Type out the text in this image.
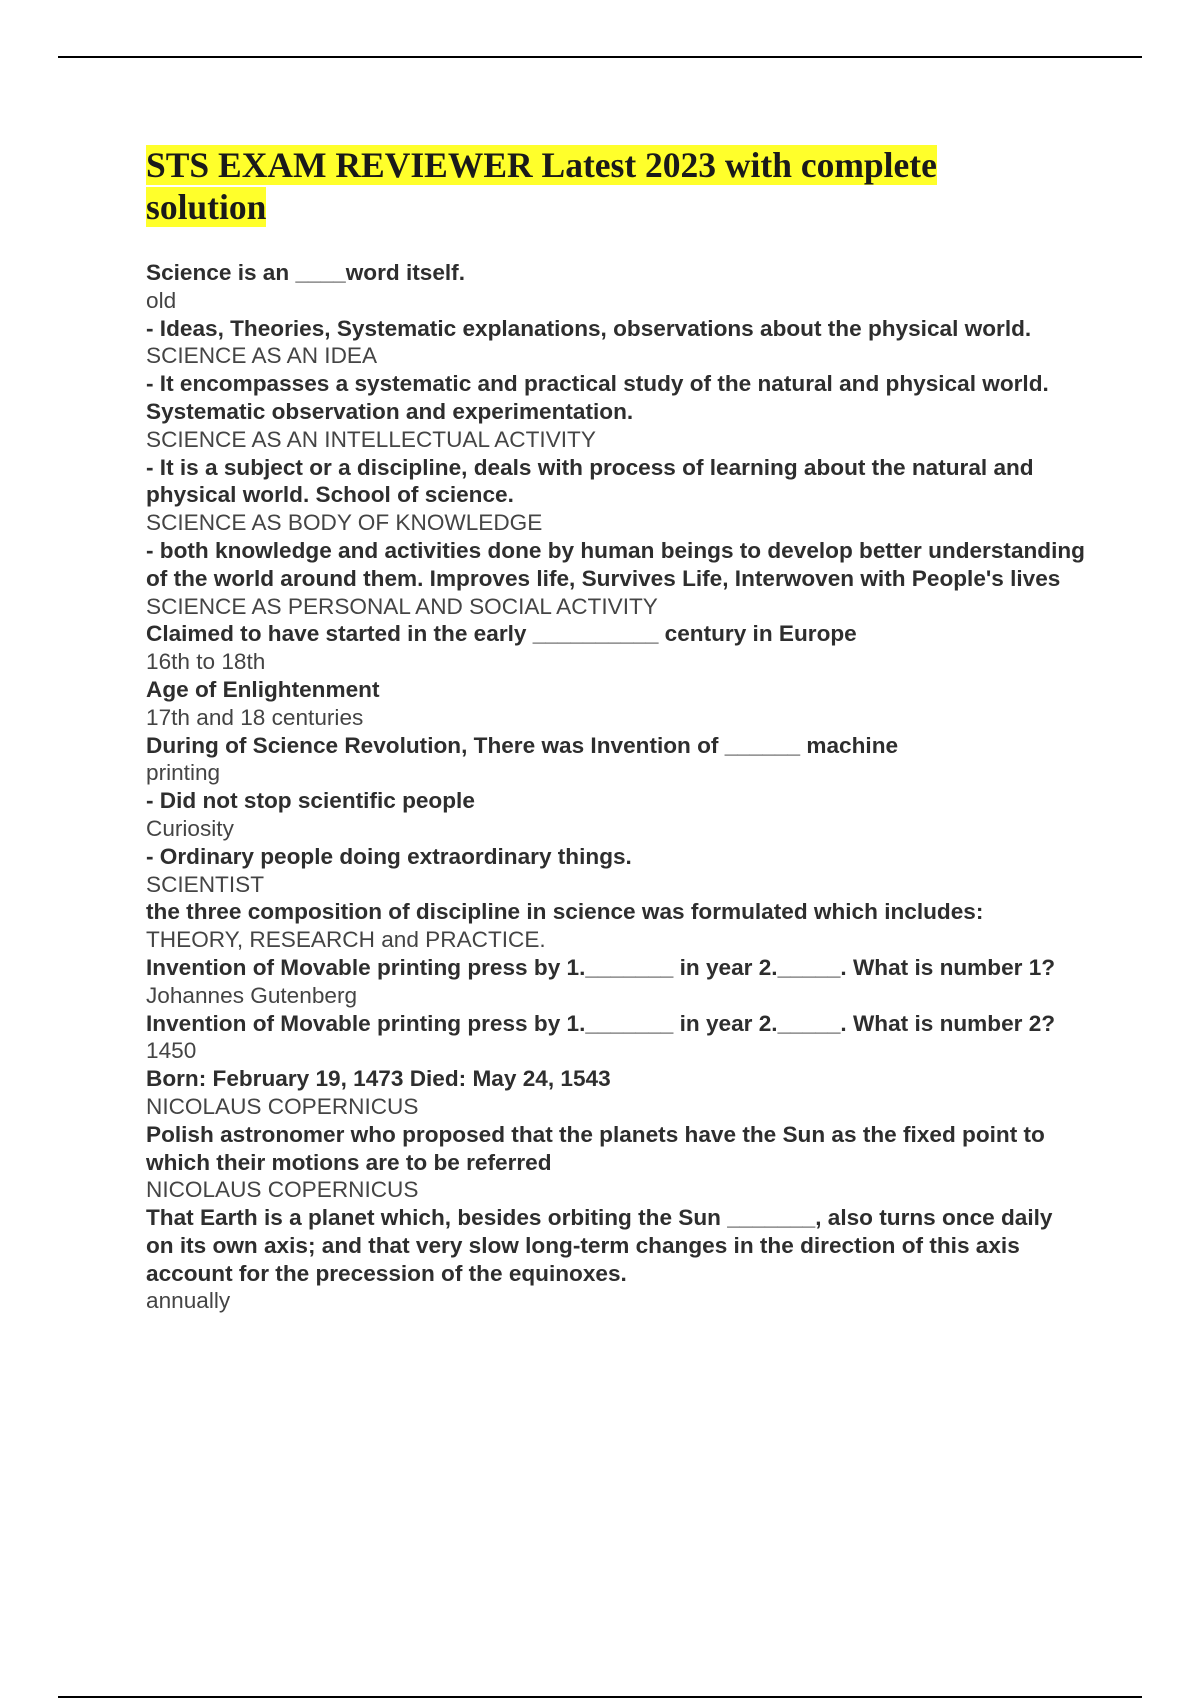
STS EXAM REVIEWER Latest 2023 with complete solution

Science is an ____word itself.

old

- Ideas, Theories, Systematic explanations, observations about the physical world.

SCIENCE AS AN IDEA

- It encompasses a systematic and practical study of the natural and physical world. Systematic observation and experimentation.

SCIENCE AS AN INTELLECTUAL ACTIVITY

- It is a subject or a discipline, deals with process of learning about the natural and physical world. School of science.

SCIENCE AS BODY OF KNOWLEDGE

- both knowledge and activities done by human beings to develop better understanding of the world around them. Improves life, Survives Life, Interwoven with People's lives

SCIENCE AS PERSONAL AND SOCIAL ACTIVITY

Claimed to have started in the early __________ century in Europe

16th to 18th

Age of Enlightenment

17th and 18 centuries

During of Science Revolution, There was Invention of ______ machine

printing

- Did not stop scientific people

Curiosity

- Ordinary people doing extraordinary things.

SCIENTIST

the three composition of discipline in science was formulated which includes:

THEORY, RESEARCH and PRACTICE.

Invention of Movable printing press by 1._______ in year 2._____. What is number 1?

Johannes Gutenberg

Invention of Movable printing press by 1._______ in year 2._____. What is number 2?

1450

Born: February 19, 1473 Died: May 24, 1543

NICOLAUS COPERNICUS

Polish astronomer who proposed that the planets have the Sun as the fixed point to which their motions are to be referred

NICOLAUS COPERNICUS

That Earth is a planet which, besides orbiting the Sun _______, also turns once daily on its own axis; and that very slow long-term changes in the direction of this axis account for the precession of the equinoxes.

annually
